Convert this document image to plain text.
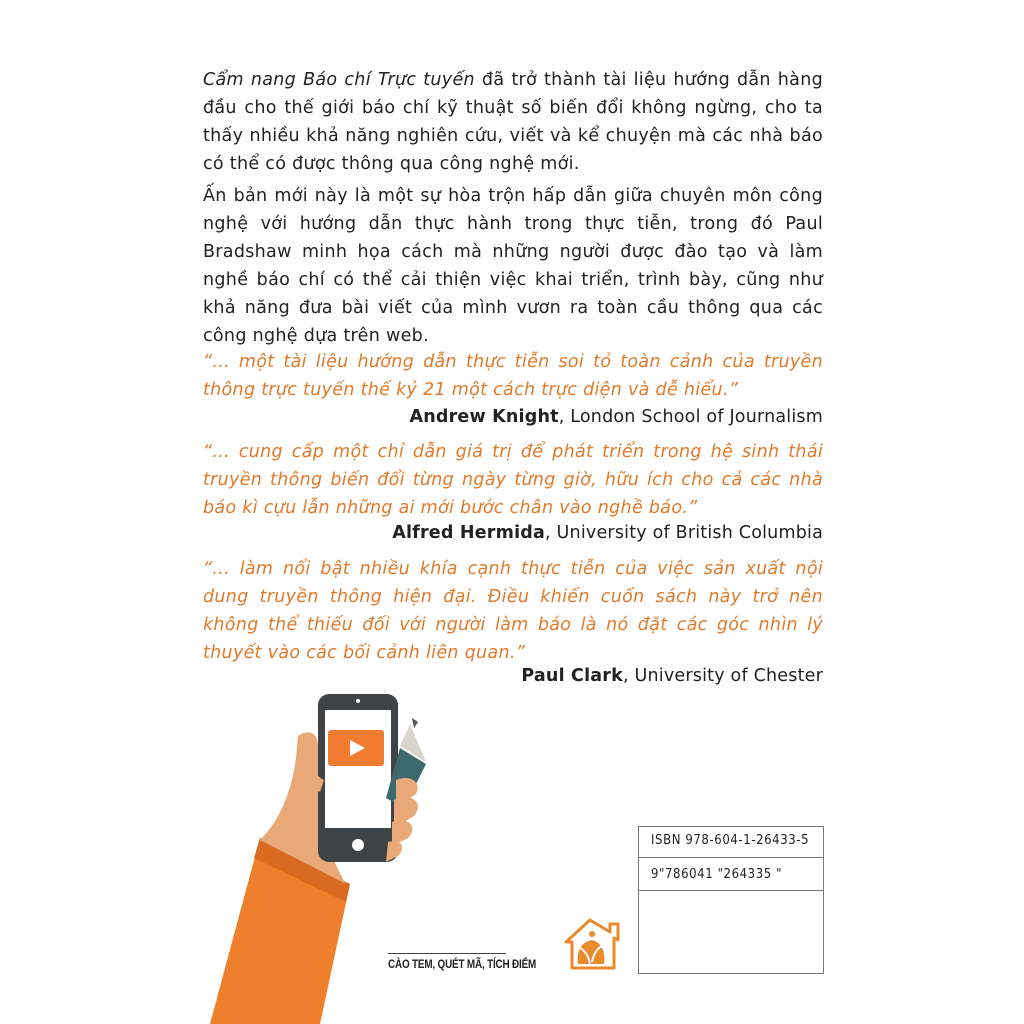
Cẩm nang Báo chí Trực tuyến đã trở thành tài liệu hướng dẫn hàng đầu cho thế giới báo chí kỹ thuật số biến đổi không ngừng, cho ta thấy nhiều khả năng nghiên cứu, viết và kể chuyện mà các nhà báo có thể có được thông qua công nghệ mới.

Ấn bản mới này là một sự hòa trộn hấp dẫn giữa chuyên môn công nghệ với hướng dẫn thực hành trong thực tiễn, trong đó Paul Bradshaw minh họa cách mà những người được đào tạo và làm nghề báo chí có thể cải thiện việc khai triển, trình bày, cũng như khả năng đưa bài viết của mình vươn ra toàn cầu thông qua các công nghệ dựa trên web.

“... một tài liệu hướng dẫn thực tiễn soi tỏ toàn cảnh của truyền thông trực tuyến thế kỷ 21 một cách trực diện và dễ hiểu.”

Andrew Knight, London School of Journalism

“... cung cấp một chỉ dẫn giá trị để phát triển trong hệ sinh thái truyền thông biến đổi từng ngày từng giờ, hữu ích cho cả các nhà báo kì cựu lẫn những ai mới bước chân vào nghề báo.”

Alfred Hermida, University of British Columbia

“... làm nổi bật nhiều khía cạnh thực tiễn của việc sản xuất nội dung truyền thông hiện đại. Điều khiến cuốn sách này trở nên không thể thiếu đối với người làm báo là nó đặt các góc nhìn lý thuyết vào các bối cảnh liên quan.”

Paul Clark, University of Chester

ISBN 978-604-1-26433-5
9"786041 "264335 "
CÀO TEM, QUÉT MÃ, TÍCH ĐIỂM
